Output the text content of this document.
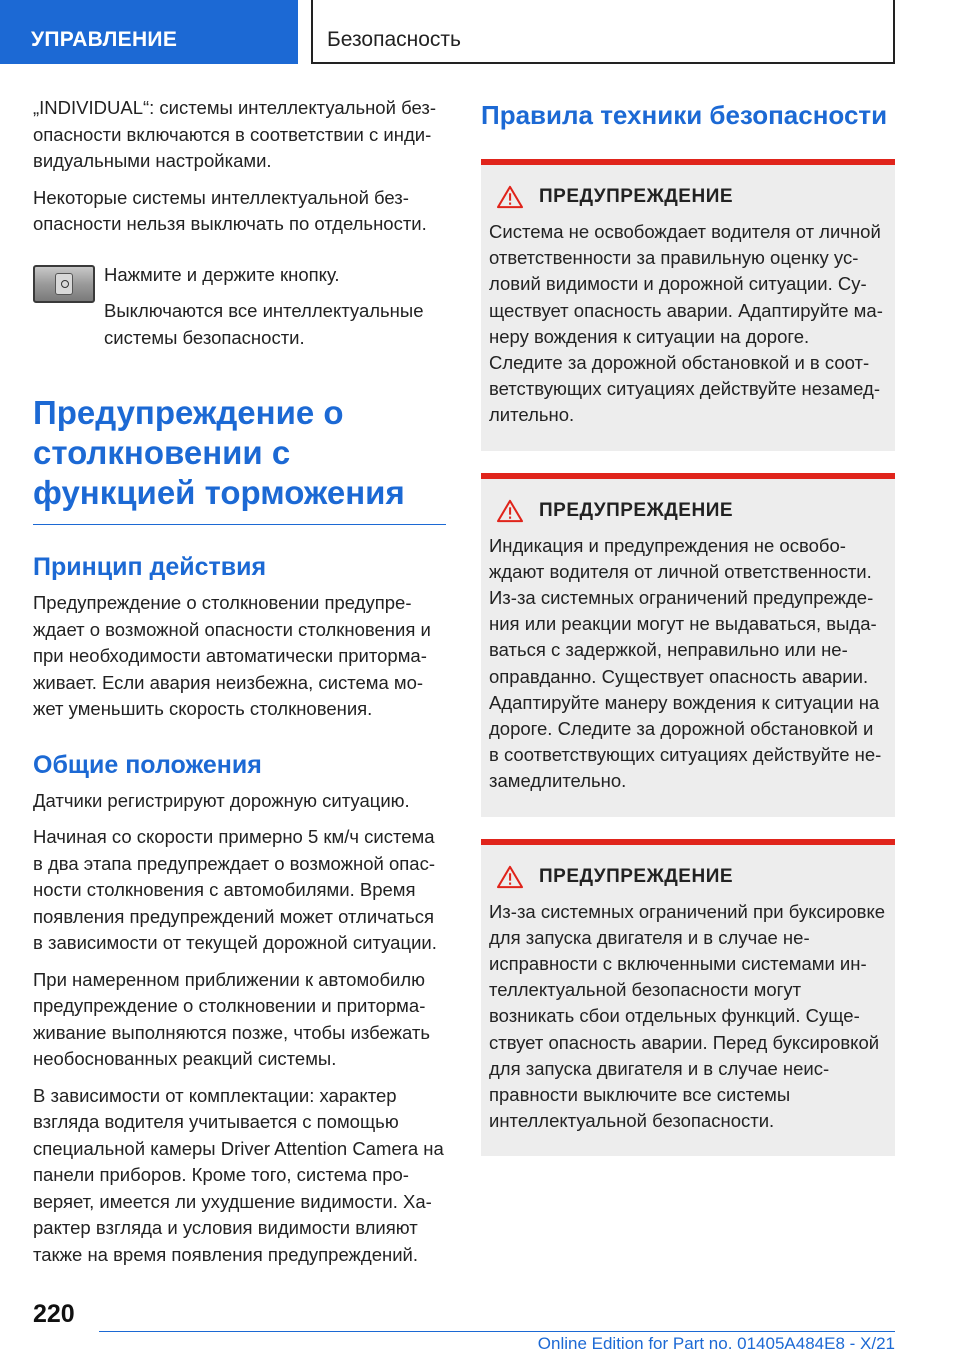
УПРАВЛЕНИЕ	Безопасность

„INDIVIDUAL“: системы интеллектуальной безопасности включаются в соответствии с индивидуальными настройками.

Некоторые системы интеллектуальной безопасности нельзя выключать по отдельности.

Нажмите и держите кнопку.

Выключаются все интеллектуальные системы безопасности.

Предупреждение о столкновении с функцией торможения
Принцип действия

Предупреждение о столкновении предупреждает о возможной опасности столкновения и при необходимости автоматически притормаживает. Если авария неизбежна, система может уменьшить скорость столкновения.

Общие положения

Датчики регистрируют дорожную ситуацию.

Начиная со скорости примерно 5 км/ч система в два этапа предупреждает о возможной опасности столкновения с автомобилями. Время появления предупреждений может отличаться в зависимости от текущей дорожной ситуации.

При намеренном приближении к автомобилю предупреждение о столкновении и притормаживание выполняются позже, чтобы избежать необоснованных реакций системы.

В зависимости от комплектации: характер взгляда водителя учитывается с помощью специальной камеры Driver Attention Camera на панели приборов. Кроме того, система проверяет, имеется ли ухудшение видимости. Характер взгляда и условия видимости влияют также на время появления предупреждений.

Правила техники безопасности
ПРЕДУПРЕЖДЕНИЕ

Система не освобождает водителя от личной ответственности за правильную оценку условий видимости и дорожной ситуации. Существует опасность аварии. Адаптируйте манеру вождения к ситуации на дороге. Следите за дорожной обстановкой и в соответствующих ситуациях действуйте незамедлительно.

ПРЕДУПРЕЖДЕНИЕ

Индикация и предупреждения не освобождают водителя от личной ответственности. Из-за системных ограничений предупреждения или реакции могут не выдаваться, выдаваться с задержкой, неправильно или неоправданно. Существует опасность аварии. Адаптируйте манеру вождения к ситуации на дороге. Следите за дорожной обстановкой и в соответствующих ситуациях действуйте незамедлительно.

ПРЕДУПРЕЖДЕНИЕ

Из-за системных ограничений при буксировке для запуска двигателя и в случае неисправности с включенными системами интеллектуальной безопасности могут возникать сбои отдельных функций. Существует опасность аварии. Перед буксировкой для запуска двигателя и в случае неисправности выключите все системы интеллектуальной безопасности.

220
Online Edition for Part no. 01405A484E8 - X/21
